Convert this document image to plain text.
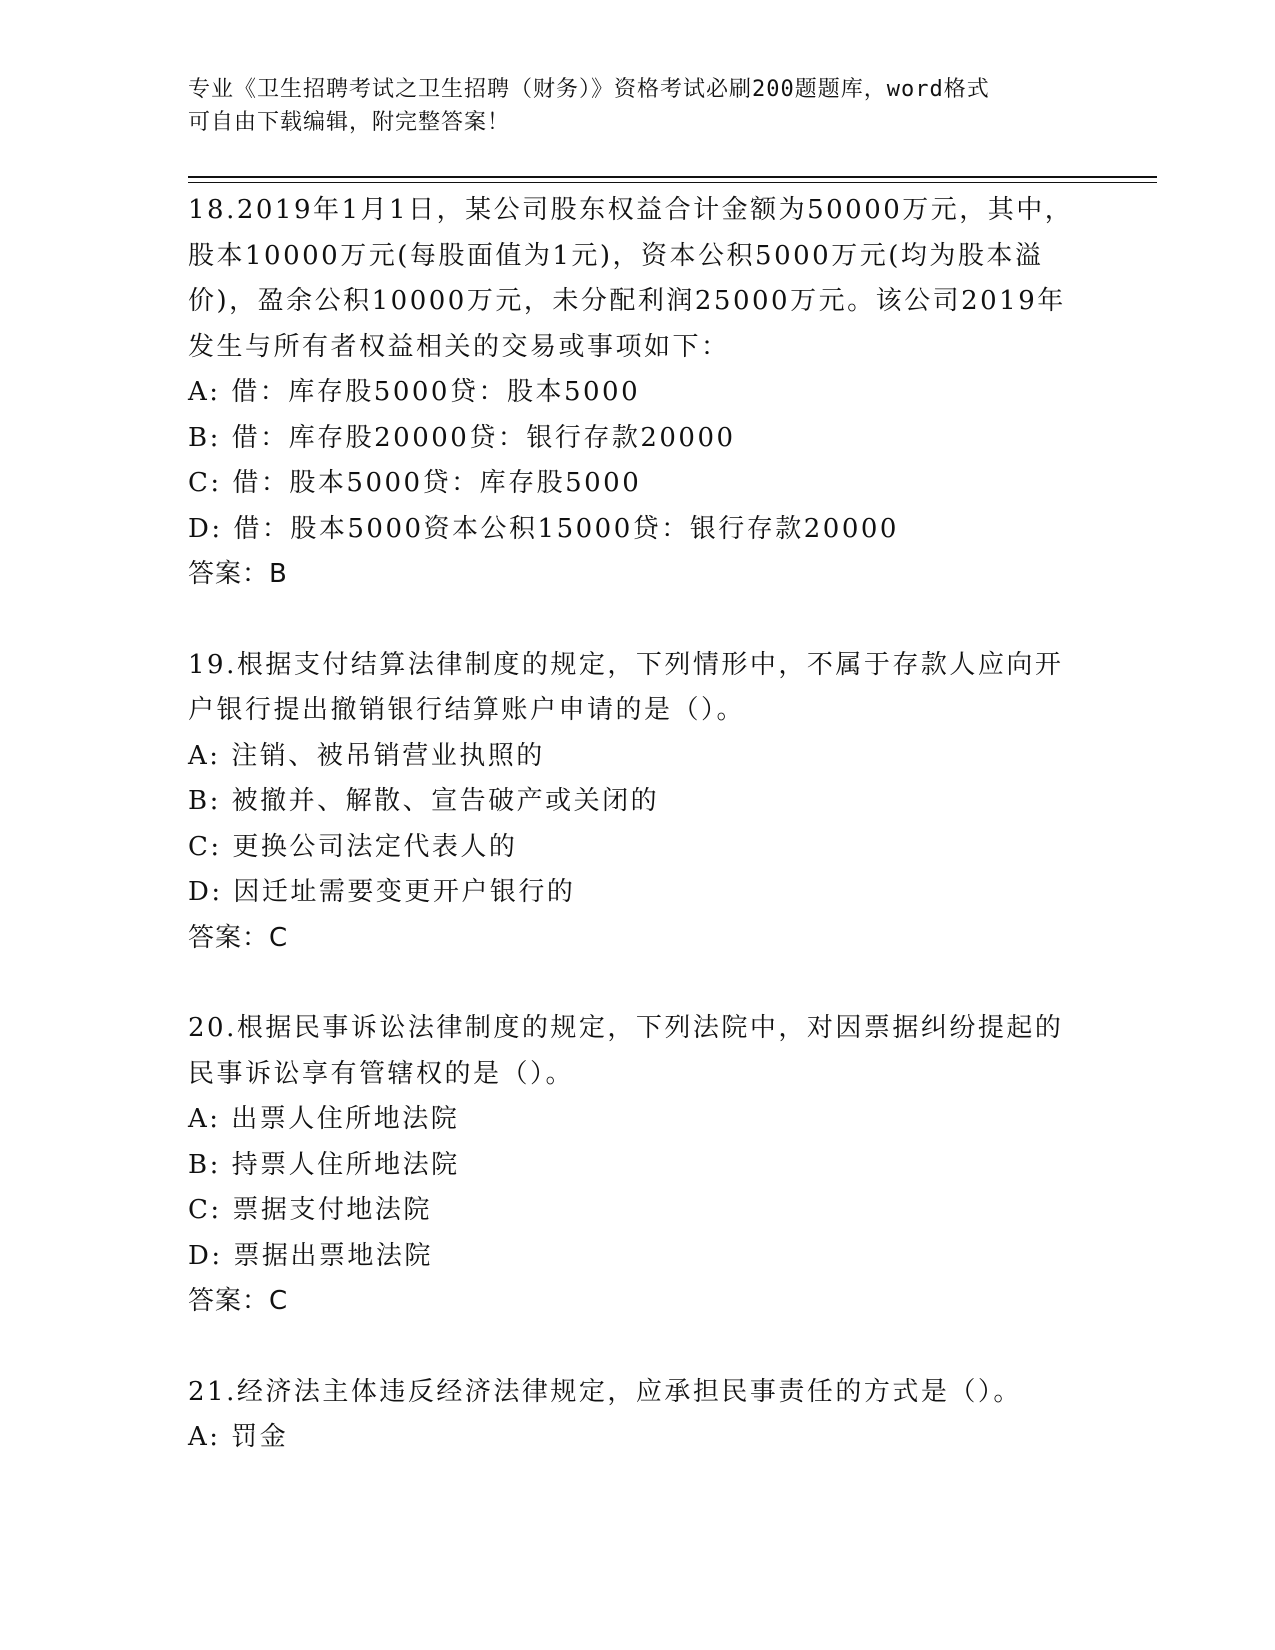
专业《卫生招聘考试之卫生招聘（财务）》资格考试必刷200题题库，word格式
可自由下载编辑，附完整答案！
18.2019年1月1日，某公司股东权益合计金额为50000万元，其中，
股本10000万元(每股面值为1元)，资本公积5000万元(均为股本溢
价)，盈余公积10000万元，未分配利润25000万元。该公司2019年
发生与所有者权益相关的交易或事项如下：
A: 借：库存股5000贷：股本5000
B: 借：库存股20000贷：银行存款20000
C: 借：股本5000贷：库存股5000
D: 借：股本5000资本公积15000贷：银行存款20000
答案：B
19.根据支付结算法律制度的规定，下列情形中，不属于存款人应向开
户银行提出撤销银行结算账户申请的是（）。
A: 注销、被吊销营业执照的
B: 被撤并、解散、宣告破产或关闭的
C: 更换公司法定代表人的
D: 因迁址需要变更开户银行的
答案：C
20.根据民事诉讼法律制度的规定，下列法院中，对因票据纠纷提起的
民事诉讼享有管辖权的是（）。
A: 出票人住所地法院
B: 持票人住所地法院
C: 票据支付地法院
D: 票据出票地法院
答案：C
21.经济法主体违反经济法律规定，应承担民事责任的方式是（）。
A: 罚金
